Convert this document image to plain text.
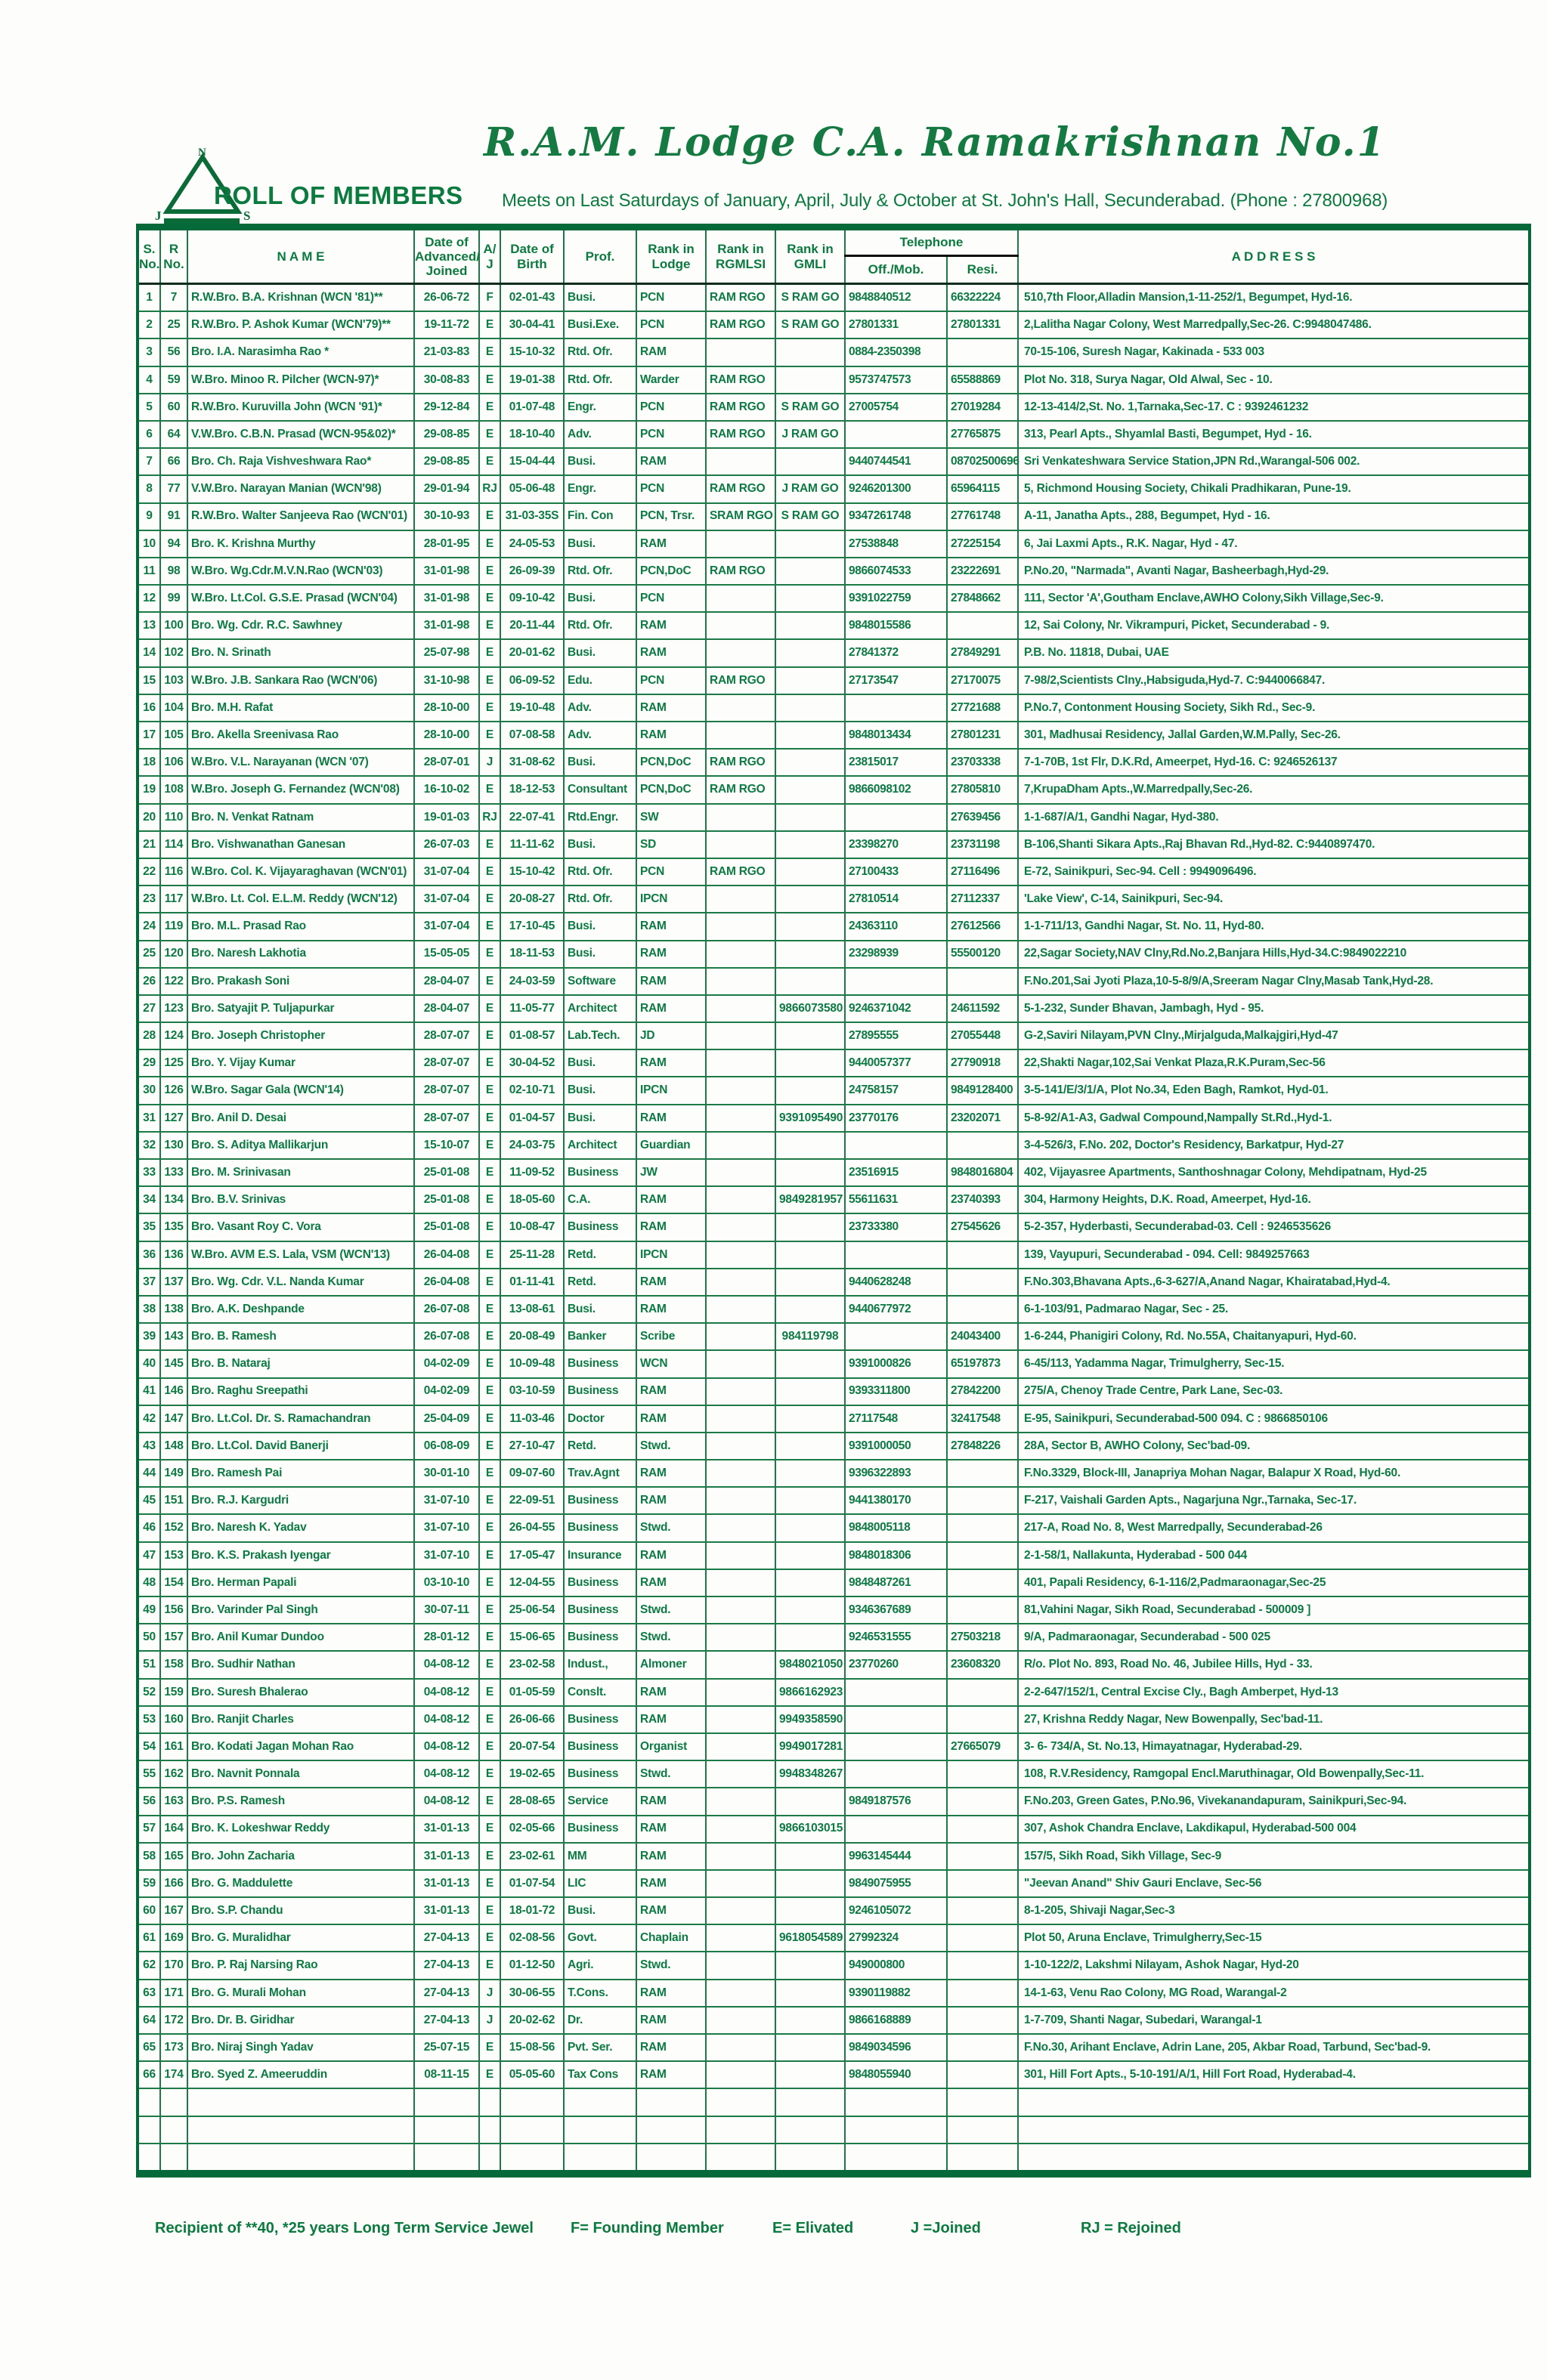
N
J	S
R.A.M. Lodge C.A. Ramakrishnan No.1
ROLL OF MEMBERS Meets on Last Saturdays of January, April, July & October at St. John's Hall, Secunderabad. (Phone : 27800968)
S. No.	R No.	N A M E	Date of Advanced/ Joined	A/ J	Date of Birth	Prof.	Rank in Lodge	Rank in RGMLSI	Rank in GMLI	Telephone		A D D R E S S
										Off./Mob.	Resi.	
1	7	R.W.Bro. B.A. Krishnan (WCN '81)**	26-06-72	F	02-01-43	Busi.	PCN	RAM RGO	S RAM GO	9848840512	66322224	510,7th Floor,Alladin Mansion,1-11-252/1, Begumpet, Hyd-16.
2	25	R.W.Bro. P. Ashok Kumar (WCN'79)**	19-11-72	E	30-04-41	Busi.Exe.	PCN	RAM RGO	S RAM GO	27801331	27801331	2,Lalitha Nagar Colony, West Marredpally,Sec-26. C:9948047486.
3	56	Bro. I.A. Narasimha Rao *	21-03-83	E	15-10-32	Rtd. Ofr.	RAM			0884-2350398		70-15-106, Suresh Nagar, Kakinada - 533 003
4	59	W.Bro. Minoo R. Pilcher (WCN-97)*	30-08-83	E	19-01-38	Rtd. Ofr.	Warder	RAM RGO		9573747573	65588869	Plot No. 318, Surya Nagar, Old Alwal, Sec - 10.
5	60	R.W.Bro. Kuruvilla John (WCN '91)*	29-12-84	E	01-07-48	Engr.	PCN	RAM RGO	S RAM GO	27005754	27019284	12-13-414/2,St. No. 1,Tarnaka,Sec-17. C : 9392461232
6	64	V.W.Bro. C.B.N. Prasad (WCN-95&02)*	29-08-85	E	18-10-40	Adv.	PCN	RAM RGO	J RAM GO		27765875	313, Pearl Apts., Shyamlal Basti, Begumpet, Hyd - 16.
7	66	Bro. Ch. Raja Vishveshwara Rao*	29-08-85	E	15-04-44	Busi.	RAM			9440744541	08702500696	Sri Venkateshwara Service Station,JPN Rd.,Warangal-506 002.
8	77	V.W.Bro. Narayan Manian (WCN'98)	29-01-94	RJ	05-06-48	Engr.	PCN	RAM RGO	J RAM GO	9246201300	65964115	5, Richmond Housing Society, Chikali Pradhikaran, Pune-19.
9	91	R.W.Bro. Walter Sanjeeva Rao (WCN'01)	30-10-93	E	31-03-35S	Fin. Con	PCN, Trsr.	SRAM RGO	S RAM GO	9347261748	27761748	A-11, Janatha Apts., 288, Begumpet, Hyd - 16.
10	94	Bro. K. Krishna Murthy	28-01-95	E	24-05-53	Busi.	RAM			27538848	27225154	6, Jai Laxmi Apts., R.K. Nagar, Hyd - 47.
11	98	W.Bro. Wg.Cdr.M.V.N.Rao (WCN'03)	31-01-98	E	26-09-39	Rtd. Ofr.	PCN,DoC	RAM RGO		9866074533	23222691	P.No.20, "Narmada", Avanti Nagar, Basheerbagh,Hyd-29.
12	99	W.Bro. Lt.Col. G.S.E. Prasad (WCN'04)	31-01-98	E	09-10-42	Busi.	PCN			9391022759	27848662	111, Sector 'A',Goutham Enclave,AWHO Colony,Sikh Village,Sec-9.
13	100	Bro. Wg. Cdr. R.C. Sawhney	31-01-98	E	20-11-44	Rtd. Ofr.	RAM			9848015586		12, Sai Colony, Nr. Vikrampuri, Picket, Secunderabad - 9.
14	102	Bro. N. Srinath	25-07-98	E	20-01-62	Busi.	RAM			27841372	27849291	P.B. No. 11818, Dubai, UAE
15	103	W.Bro. J.B. Sankara Rao (WCN'06)	31-10-98	E	06-09-52	Edu.	PCN	RAM RGO		27173547	27170075	7-98/2,Scientists Clny.,Habsiguda,Hyd-7. C:9440066847.
16	104	Bro. M.H. Rafat	28-10-00	E	19-10-48	Adv.	RAM				27721688	P.No.7, Contonment Housing Society, Sikh Rd., Sec-9.
17	105	Bro. Akella Sreenivasa Rao	28-10-00	E	07-08-58	Adv.	RAM			9848013434	27801231	301, Madhusai Residency, Jallal Garden,W.M.Pally, Sec-26.
18	106	W.Bro. V.L. Narayanan (WCN '07)	28-07-01	J	31-08-62	Busi.	PCN,DoC	RAM RGO		23815017	23703338	7-1-70B, 1st Flr, D.K.Rd, Ameerpet, Hyd-16. C: 9246526137
19	108	W.Bro. Joseph G. Fernandez (WCN'08)	16-10-02	E	18-12-53	Consultant	PCN,DoC	RAM RGO		9866098102	27805810	7,KrupaDham Apts.,W.Marredpally,Sec-26.
20	110	Bro. N. Venkat Ratnam	19-01-03	RJ	22-07-41	Rtd.Engr.	SW				27639456	1-1-687/A/1, Gandhi Nagar, Hyd-380.
21	114	Bro. Vishwanathan Ganesan	26-07-03	E	11-11-62	Busi.	SD			23398270	23731198	B-106,Shanti Sikara Apts.,Raj Bhavan Rd.,Hyd-82. C:9440897470.
22	116	W.Bro. Col. K. Vijayaraghavan (WCN'01)	31-07-04	E	15-10-42	Rtd. Ofr.	PCN	RAM RGO		27100433	27116496	E-72, Sainikpuri, Sec-94. Cell : 9949096496.
23	117	W.Bro. Lt. Col. E.L.M. Reddy (WCN'12)	31-07-04	E	20-08-27	Rtd. Ofr.	IPCN			27810514	27112337	'Lake View', C-14, Sainikpuri, Sec-94.
24	119	Bro. M.L. Prasad Rao	31-07-04	E	17-10-45	Busi.	RAM			24363110	27612566	1-1-711/13, Gandhi Nagar, St. No. 11, Hyd-80.
25	120	Bro. Naresh Lakhotia	15-05-05	E	18-11-53	Busi.	RAM			23298939	55500120	22,Sagar Society,NAV Clny,Rd.No.2,Banjara Hills,Hyd-34.C:9849022210
26	122	Bro. Prakash Soni	28-04-07	E	24-03-59	Software	RAM					F.No.201,Sai Jyoti Plaza,10-5-8/9/A,Sreeram Nagar Clny,Masab Tank,Hyd-28.
27	123	Bro. Satyajit P. Tuljapurkar	28-04-07	E	11-05-77	Architect	RAM		9866073580	9246371042	24611592	5-1-232, Sunder Bhavan, Jambagh, Hyd - 95.
28	124	Bro. Joseph Christopher	28-07-07	E	01-08-57	Lab.Tech.	JD			27895555	27055448	G-2,Saviri Nilayam,PVN Clny.,Mirjalguda,Malkajgiri,Hyd-47
29	125	Bro. Y. Vijay Kumar	28-07-07	E	30-04-52	Busi.	RAM			9440057377	27790918	22,Shakti Nagar,102,Sai Venkat Plaza,R.K.Puram,Sec-56
30	126	W.Bro. Sagar Gala (WCN'14)	28-07-07	E	02-10-71	Busi.	IPCN			24758157	9849128400	3-5-141/E/3/1/A, Plot No.34, Eden Bagh, Ramkot, Hyd-01.
31	127	Bro. Anil D. Desai	28-07-07	E	01-04-57	Busi.	RAM		9391095490	23770176	23202071	5-8-92/A1-A3, Gadwal Compound,Nampally St.Rd.,Hyd-1.
32	130	Bro. S. Aditya Mallikarjun	15-10-07	E	24-03-75	Architect	Guardian					3-4-526/3, F.No. 202, Doctor's Residency, Barkatpur, Hyd-27
33	133	Bro. M. Srinivasan	25-01-08	E	11-09-52	Business	JW			23516915	9848016804	402, Vijayasree Apartments, Santhoshnagar Colony, Mehdipatnam, Hyd-25
34	134	Bro. B.V. Srinivas	25-01-08	E	18-05-60	C.A.	RAM		9849281957	55611631	23740393	304, Harmony Heights, D.K. Road, Ameerpet, Hyd-16.
35	135	Bro. Vasant Roy C. Vora	25-01-08	E	10-08-47	Business	RAM			23733380	27545626	5-2-357, Hyderbasti, Secunderabad-03. Cell : 9246535626
36	136	W.Bro. AVM E.S. Lala, VSM (WCN'13)	26-04-08	E	25-11-28	Retd.	IPCN					139, Vayupuri, Secunderabad - 094. Cell: 9849257663
37	137	Bro. Wg. Cdr. V.L. Nanda Kumar	26-04-08	E	01-11-41	Retd.	RAM			9440628248		F.No.303,Bhavana Apts.,6-3-627/A,Anand Nagar, Khairatabad,Hyd-4.
38	138	Bro. A.K. Deshpande	26-07-08	E	13-08-61	Busi.	RAM			9440677972		6-1-103/91, Padmarao Nagar, Sec - 25.
39	143	Bro. B. Ramesh	26-07-08	E	20-08-49	Banker	Scribe		984119798		24043400	1-6-244, Phanigiri Colony, Rd. No.55A, Chaitanyapuri, Hyd-60.
40	145	Bro. B. Nataraj	04-02-09	E	10-09-48	Business	WCN			9391000826	65197873	6-45/113, Yadamma Nagar, Trimulgherry, Sec-15.
41	146	Bro. Raghu Sreepathi	04-02-09	E	03-10-59	Business	RAM			9393311800	27842200	275/A, Chenoy Trade Centre, Park Lane, Sec-03.
42	147	Bro. Lt.Col. Dr. S. Ramachandran	25-04-09	E	11-03-46	Doctor	RAM			27117548	32417548	E-95, Sainikpuri, Secunderabad-500 094. C : 9866850106
43	148	Bro. Lt.Col. David Banerji	06-08-09	E	27-10-47	Retd.	Stwd.			9391000050	27848226	28A, Sector B, AWHO Colony, Sec'bad-09.
44	149	Bro. Ramesh Pai	30-01-10	E	09-07-60	Trav.Agnt	RAM			9396322893		F.No.3329, Block-III, Janapriya Mohan Nagar, Balapur X Road, Hyd-60.
45	151	Bro. R.J. Kargudri	31-07-10	E	22-09-51	Business	RAM			9441380170		F-217, Vaishali Garden Apts., Nagarjuna Ngr.,Tarnaka, Sec-17.
46	152	Bro. Naresh K. Yadav	31-07-10	E	26-04-55	Business	Stwd.			9848005118		217-A, Road No. 8, West Marredpally, Secunderabad-26
47	153	Bro. K.S. Prakash Iyengar	31-07-10	E	17-05-47	Insurance	RAM			9848018306		2-1-58/1, Nallakunta, Hyderabad - 500 044
48	154	Bro. Herman Papali	03-10-10	E	12-04-55	Business	RAM			9848487261		401, Papali Residency, 6-1-116/2,Padmaraonagar,Sec-25
49	156	Bro. Varinder Pal Singh	30-07-11	E	25-06-54	Business	Stwd.			9346367689		81,Vahini Nagar, Sikh Road, Secunderabad - 500009 ]
50	157	Bro. Anil Kumar Dundoo	28-01-12	E	15-06-65	Business	Stwd.			9246531555	27503218	9/A, Padmaraonagar, Secunderabad - 500 025
51	158	Bro. Sudhir Nathan	04-08-12	E	23-02-58	Indust.,	Almoner		9848021050	23770260	23608320	R/o. Plot No. 893, Road No. 46, Jubilee Hills, Hyd - 33.
52	159	Bro. Suresh Bhalerao	04-08-12	E	01-05-59	Conslt.	RAM		9866162923			2-2-647/152/1, Central Excise Cly., Bagh Amberpet, Hyd-13
53	160	Bro. Ranjit Charles	04-08-12	E	26-06-66	Business	RAM		9949358590			27, Krishna Reddy Nagar, New Bowenpally, Sec'bad-11.
54	161	Bro. Kodati Jagan Mohan Rao	04-08-12	E	20-07-54	Business	Organist		9949017281		27665079	3- 6- 734/A, St. No.13, Himayatnagar, Hyderabad-29.
55	162	Bro. Navnit Ponnala	04-08-12	E	19-02-65	Business	Stwd.		9948348267			108, R.V.Residency, Ramgopal Encl.Maruthinagar, Old Bowenpally,Sec-11.
56	163	Bro. P.S. Ramesh	04-08-12	E	28-08-65	Service	RAM			9849187576		F.No.203, Green Gates, P.No.96, Vivekanandapuram, Sainikpuri,Sec-94.
57	164	Bro. K. Lokeshwar Reddy	31-01-13	E	02-05-66	Business	RAM		9866103015			307, Ashok Chandra Enclave, Lakdikapul, Hyderabad-500 004
58	165	Bro. John Zacharia	31-01-13	E	23-02-61	MM	RAM			9963145444		157/5, Sikh Road, Sikh Village, Sec-9
59	166	Bro. G. Maddulette	31-01-13	E	01-07-54	LIC	RAM			9849075955		"Jeevan Anand" Shiv Gauri Enclave, Sec-56
60	167	Bro. S.P. Chandu	31-01-13	E	18-01-72	Busi.	RAM			9246105072		8-1-205, Shivaji Nagar,Sec-3
61	169	Bro. G. Muralidhar	27-04-13	E	02-08-56	Govt.	Chaplain		9618054589	27992324		Plot 50, Aruna Enclave, Trimulgherry,Sec-15
62	170	Bro. P. Raj Narsing Rao	27-04-13	E	01-12-50	Agri.	Stwd.			949000800		1-10-122/2, Lakshmi Nilayam, Ashok Nagar, Hyd-20
63	171	Bro. G. Murali Mohan	27-04-13	J	30-06-55	T.Cons.	RAM			9390119882		14-1-63, Venu Rao Colony, MG Road, Warangal-2
64	172	Bro. Dr. B. Giridhar	27-04-13	J	20-02-62	Dr.	RAM			9866168889		1-7-709, Shanti Nagar, Subedari, Warangal-1
65	173	Bro. Niraj Singh Yadav	25-07-15	E	15-08-56	Pvt. Ser.	RAM			9849034596		F.No.30, Arihant Enclave, Adrin Lane, 205, Akbar Road, Tarbund, Sec'bad-9.
66	174	Bro. Syed Z. Ameeruddin	08-11-15	E	05-05-60	Tax Cons	RAM			9848055940		301, Hill Fort Apts., 5-10-191/A/1, Hill Fort Road, Hyderabad-4.

Recipient of **40, *25 years Long Term Service Jewel F= Founding Member	E= Elivated	J =Joined	RJ = Rejoined
